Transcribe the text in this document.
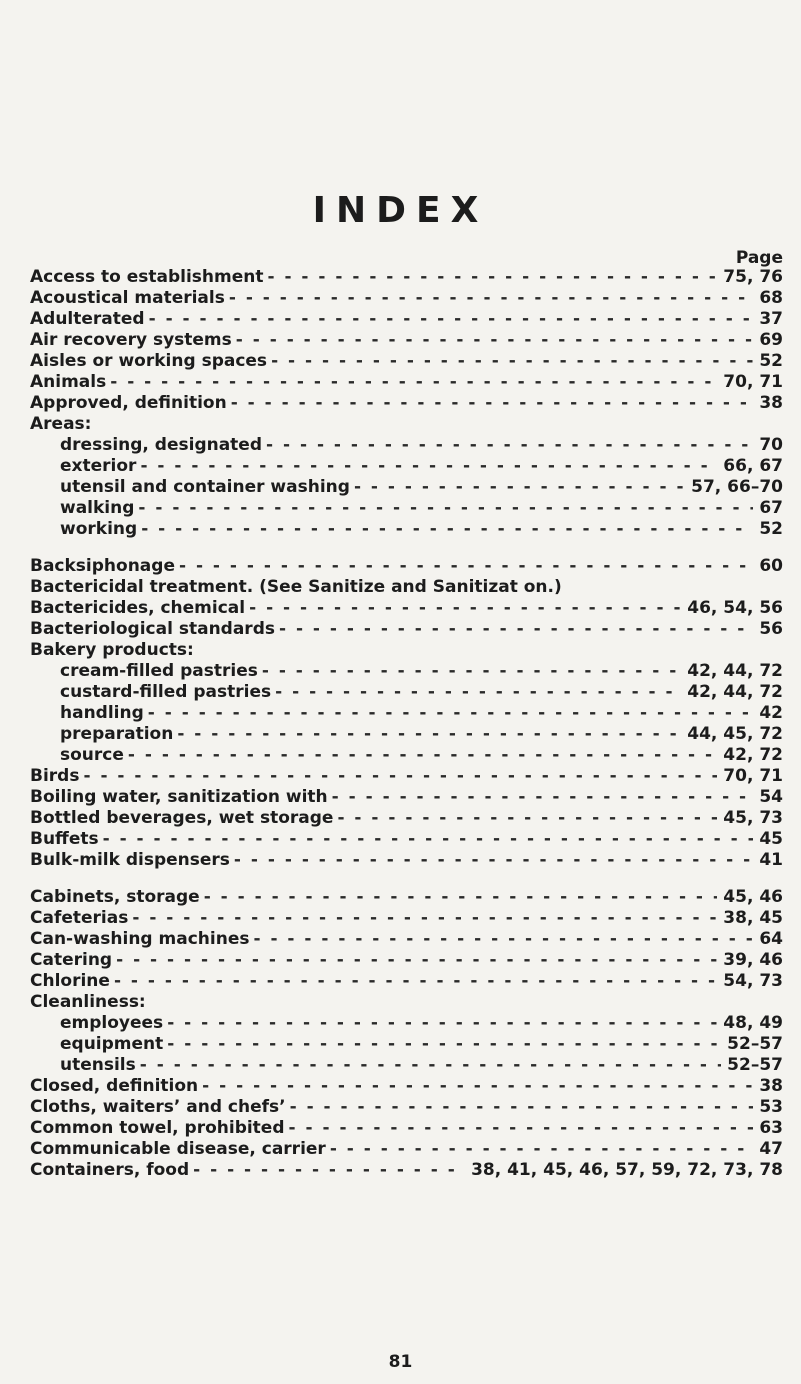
INDEX
Page
Access to establishment - - -	75, 76
Acoustical materials - - -	68
Adulterated - - -	37
Air recovery systems - - -	69
Aisles or working spaces - - -	52
Animals - - -	70, 71
Approved, definition - - -	38
Areas:
dressing, designated - - -	70
exterior - - -	66, 67
utensil and container washing - - -	57, 66–70
walking - - -	67
working - - -	52
Backsiphonage - - -	60
Bactericidal treatment. (See Sanitize and Sanitizat on.)
Bactericides, chemical - - -	46, 54, 56
Bacteriological standards - - -	56
Bakery products:
cream-filled pastries - - -	42, 44, 72
custard-filled pastries - - -	42, 44, 72
handling - - -	42
preparation - - -	44, 45, 72
source - - -	42, 72
Birds - - -	70, 71
Boiling water, sanitization with - - -	54
Bottled beverages, wet storage - - -	45, 73
Buffets - - -	45
Bulk-milk dispensers - - -	41
Cabinets, storage - - -	45, 46
Cafeterias - - -	38, 45
Can-washing machines - - -	64
Catering - - -	39, 46
Chlorine - - -	54, 73
Cleanliness:
employees - - -	48, 49
equipment - - -	52–57
utensils - - -	52–57
Closed, definition - - -	38
Cloths, waiters’ and chefs’ - - -	53
Common towel, prohibited - - -	63
Communicable disease, carrier - - -	47
Containers, food - - -	38, 41, 45, 46, 57, 59, 72, 73, 78
81
